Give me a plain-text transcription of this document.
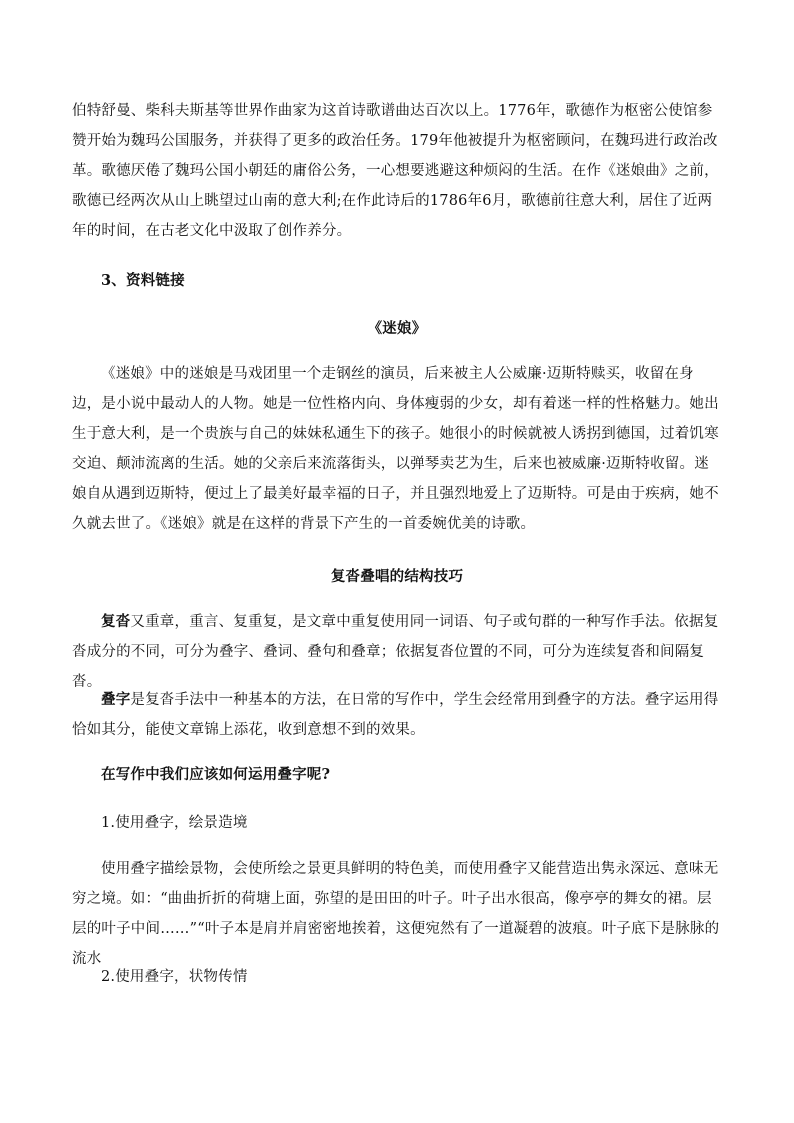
伯特舒曼、柴科夫斯基等世界作曲家为这首诗歌谱曲达百次以上。1776年，歌德作为枢密公使馆参赞开始为魏玛公国服务，并获得了更多的政治任务。179年他被提升为枢密顾问，在魏玛进行政治改革。歌德厌倦了魏玛公国小朝廷的庸俗公务，一心想要逃避这种烦闷的生活。在作《迷娘曲》之前，歌德已经两次从山上眺望过山南的意大利;在作此诗后的1786年6月，歌德前往意大利，居住了近两年的时间，在古老文化中汲取了创作养分。
3、资料链接
《迷娘》
《迷娘》中的迷娘是马戏团里一个走钢丝的演员，后来被主人公威廉·迈斯特赎买，收留在身边，是小说中最动人的人物。她是一位性格内向、身体瘦弱的少女，却有着迷一样的性格魅力。她出生于意大利，是一个贵族与自己的妹妹私通生下的孩子。她很小的时候就被人诱拐到德国，过着饥寒交迫、颠沛流离的生活。她的父亲后来流落街头，以弹琴卖艺为生，后来也被威廉·迈斯特收留。迷娘自从遇到迈斯特，便过上了最美好最幸福的日子，并且强烈地爱上了迈斯特。可是由于疾病，她不久就去世了。《迷娘》就是在这样的背景下产生的一首委婉优美的诗歌。
复沓叠唱的结构技巧
复沓又重章，重言、复重复，是文章中重复使用同一词语、句子或句群的一种写作手法。依据复沓成分的不同，可分为叠字、叠词、叠句和叠章；依据复沓位置的不同，可分为连续复沓和间隔复沓。
叠字是复沓手法中一种基本的方法，在日常的写作中，学生会经常用到叠字的方法。叠字运用得恰如其分，能使文章锦上添花，收到意想不到的效果。
在写作中我们应该如何运用叠字呢?
1.使用叠字，绘景造境
使用叠字描绘景物，会使所绘之景更具鲜明的特色美，而使用叠字又能营造出隽永深远、意味无穷之境。如：“曲曲折折的荷塘上面，弥望的是田田的叶子。叶子出水很高，像亭亭的舞女的裙。层层的叶子中间……”“叶子本是肩并肩密密地挨着，这便宛然有了一道凝碧的波痕。叶子底下是脉脉的流水
2.使用叠字，状物传情
